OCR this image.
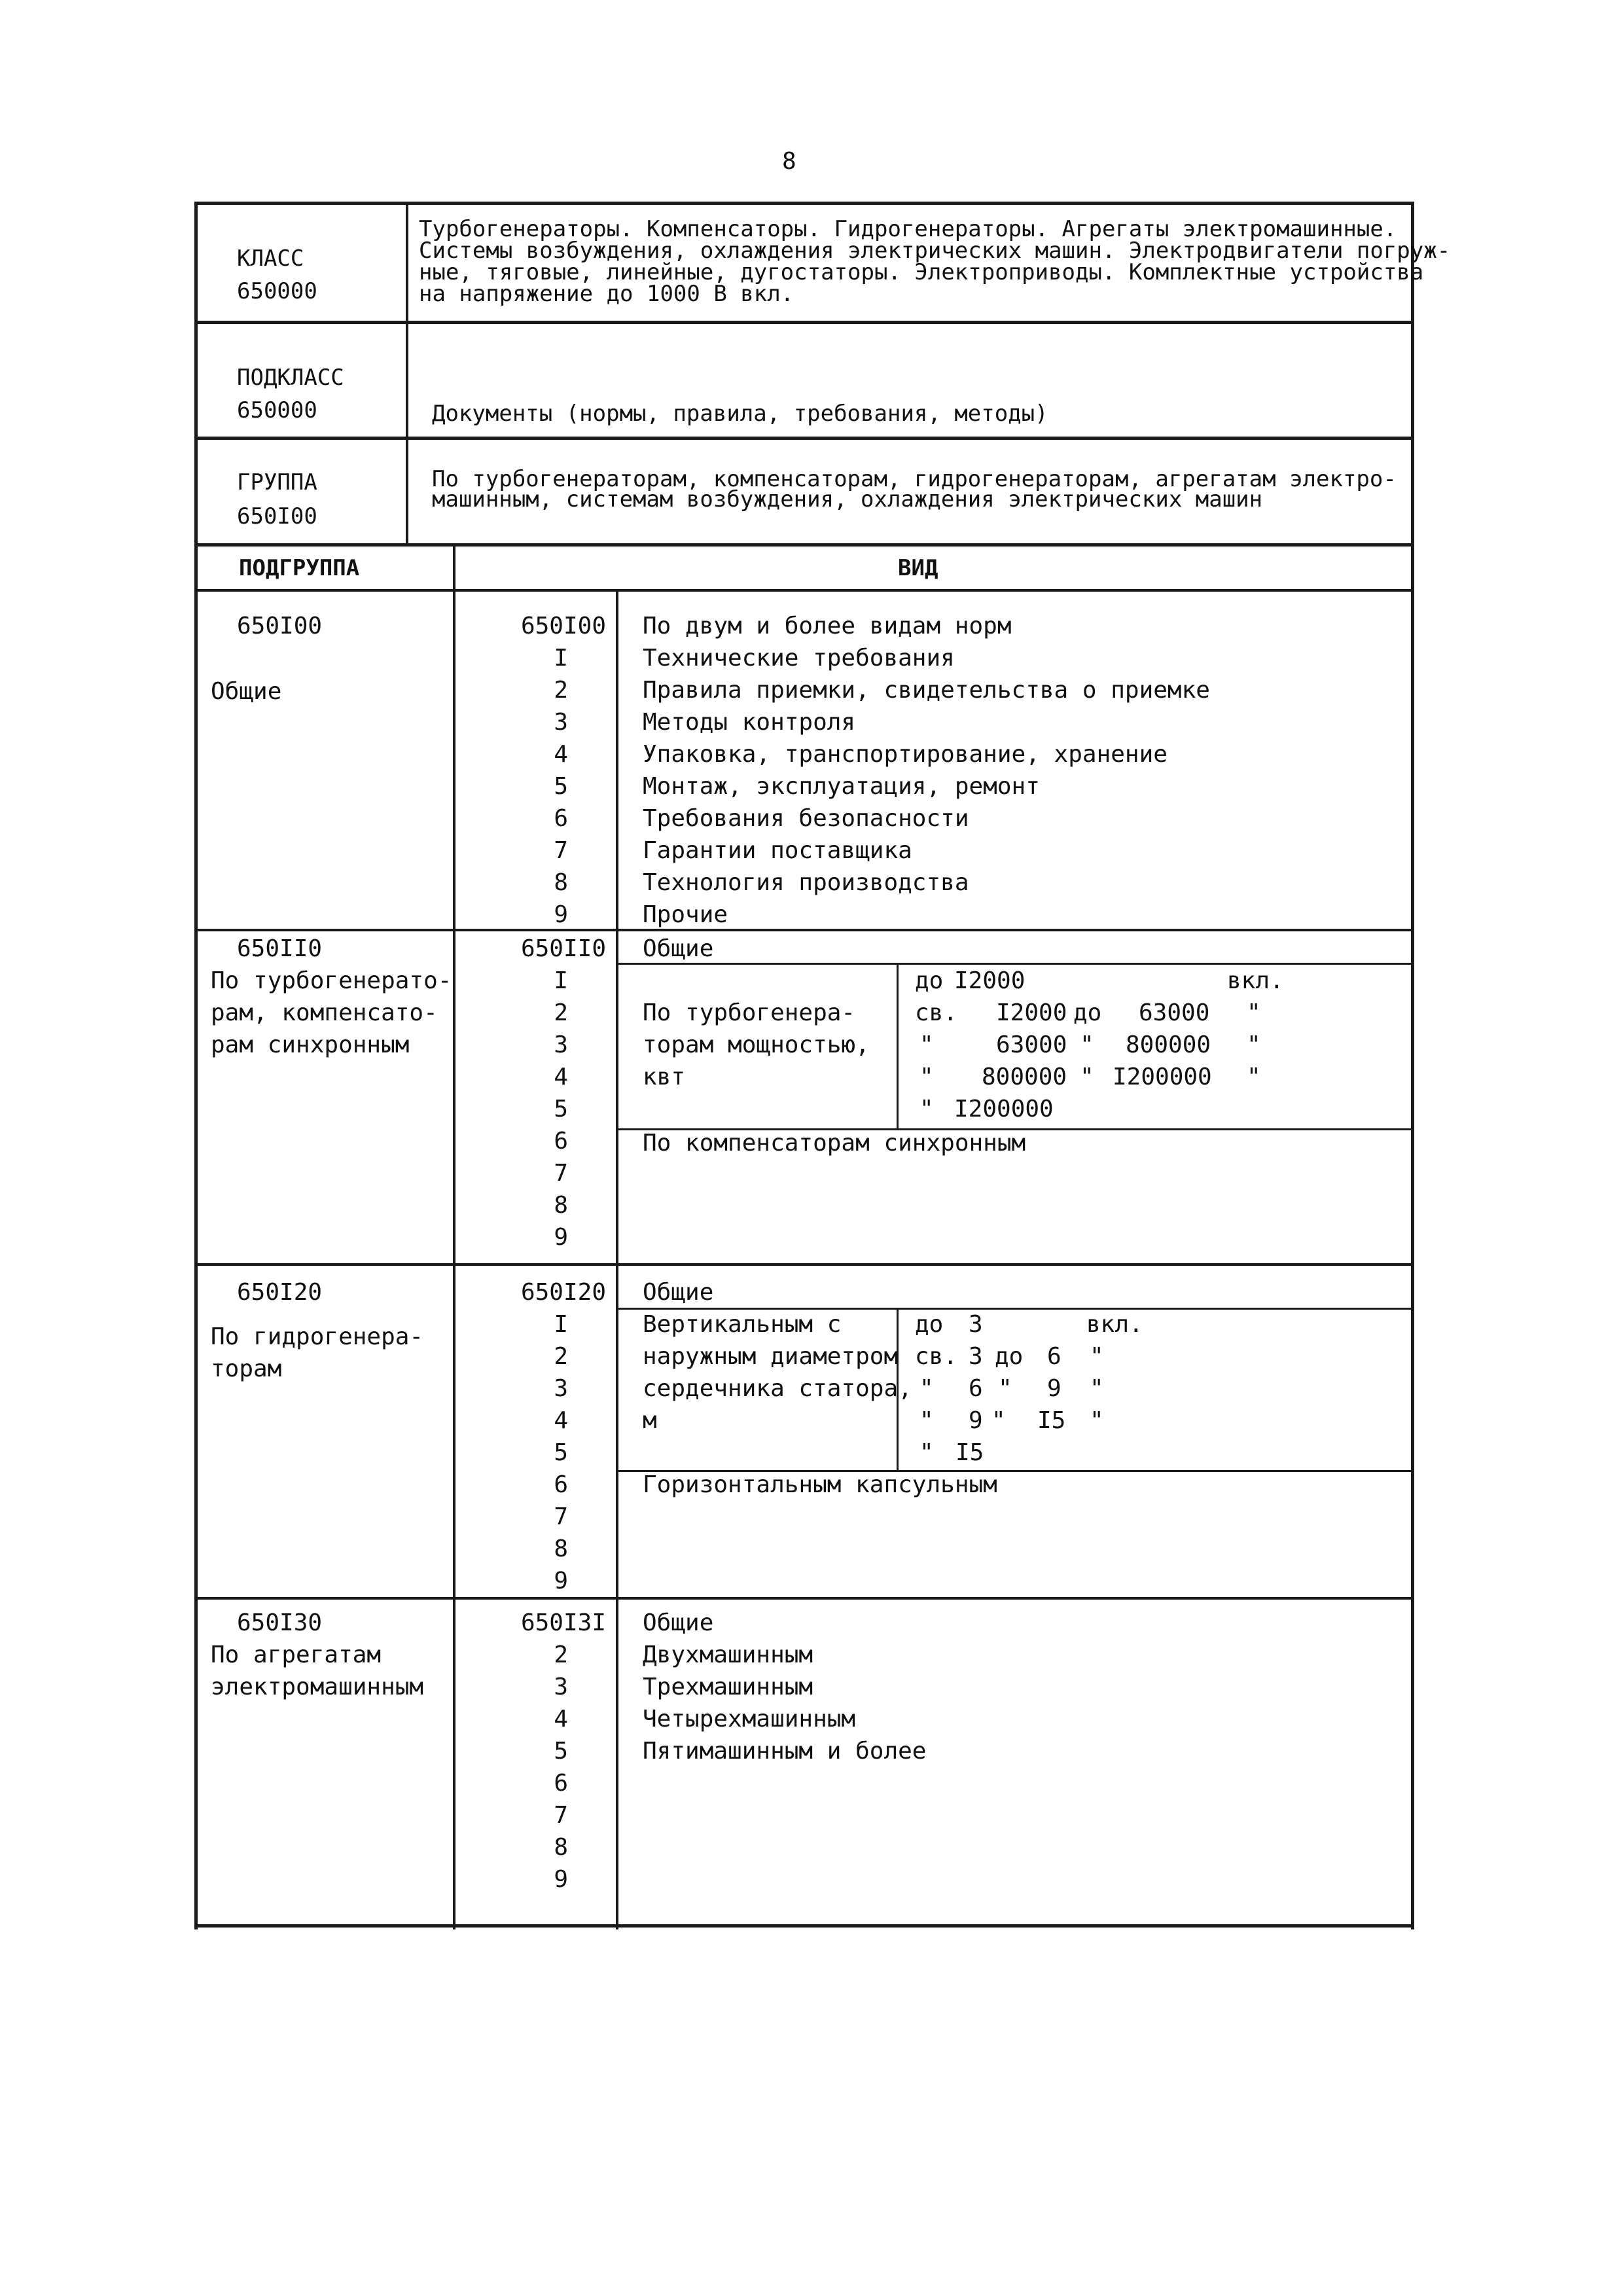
8
КЛАСС
650000
Турбогенераторы. Компенсаторы. Гидрогенераторы. Агрегаты электромашинные.
Системы возбуждения, охлаждения электрических машин. Электродвигатели погруж-
ные, тяговые, линейные, дугостаторы. Электроприводы. Комплектные устройства
на напряжение до 1000 В вкл.
ПОДКЛАСС
650000	Документы (нормы, правила, требования, методы)
ГРУППА
650I00
По турбогенераторам, компенсаторам, гидрогенераторам, агрегатам электро-
машинным, системам возбуждения, охлаждения электрических машин
ПОДГРУППА	ВИД
650I00
Общие
650I00
I
2
3
4
5
6
7
8
9
По двум и более видам норм
Технические требования
Правила приемки, свидетельства о приемке
Методы контроля
Упаковка, транспортирование, хранение
Монтаж, эксплуатация, ремонт
Требования безопасности
Гарантии поставщика
Технология производства
Прочие
650II0
По турбогенерато-
рам, компенсато-
рам синхронным
650II0
I
2
3
4
5
6
7
8
9
Общие
По турбогенера-
торам мощностью,
квт
до I2000	вкл.
св. I2000 до 63000 "
"	63000 " 800000 "
" 800000 " I200000 "
" I200000
По компенсаторам синхронным
650I20
По гидрогенера-
торам
650I20
I
2
3
4
5
6
7
8
9
Общие
Вертикальным с
наружным диаметром
сердечника статора,
м
до 3	вкл.
св. 3 до 6 "
" 6 " 9 "
" 9 " I5 "
" I5
Горизонтальным капсульным
650I30
По агрегатам
электромашинным
650I3I
2
3
4
5
6
7
8
9
Общие
Двухмашинным
Трехмашинным
Четырехмашинным
Пятимашинным и более
